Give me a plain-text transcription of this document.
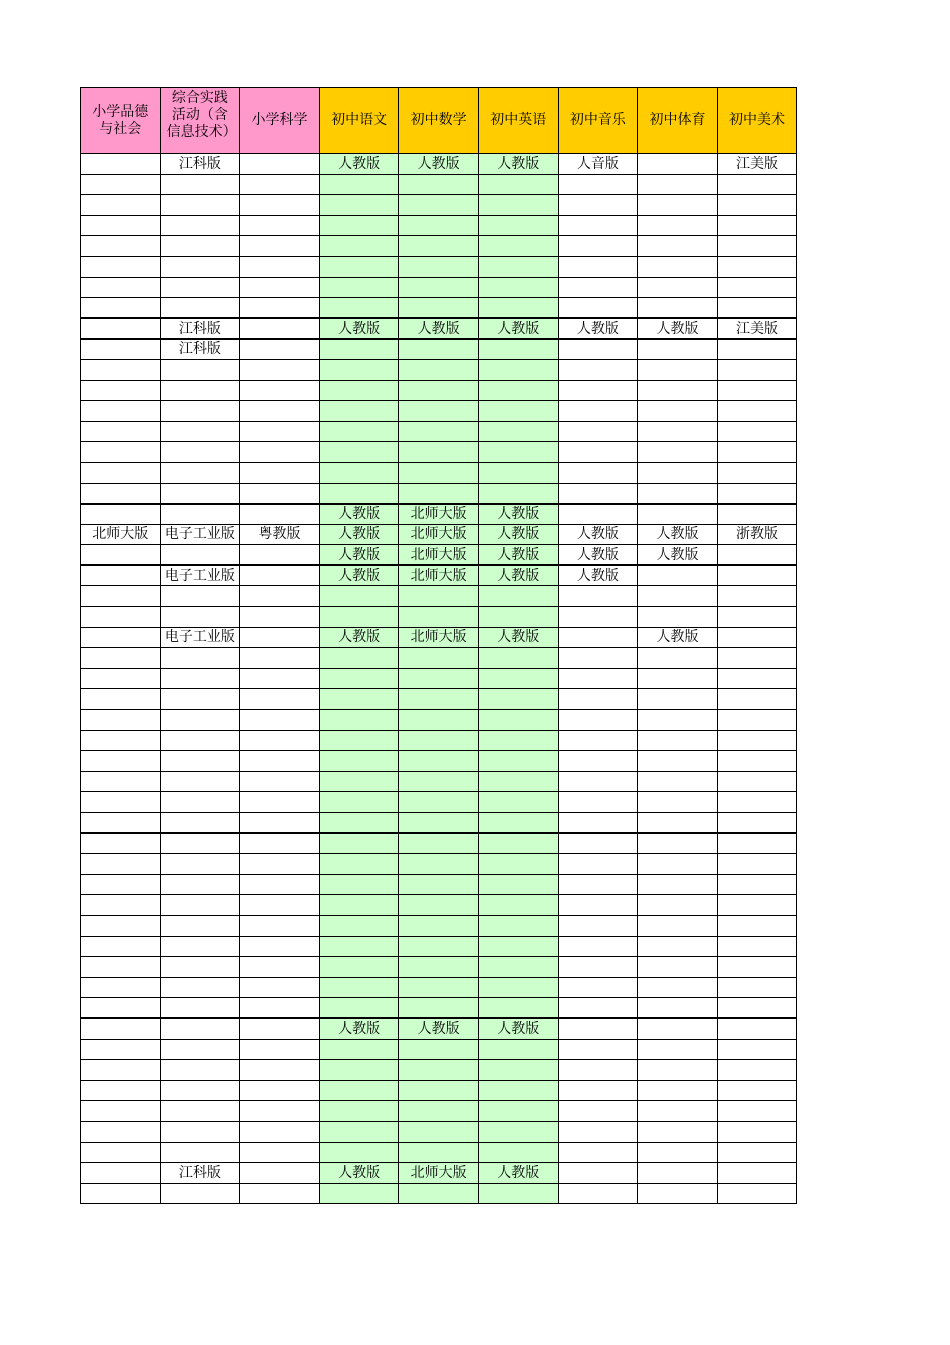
小学品德与社会	综合实践活动（含信息技术）	小学科学	初中语文	初中数学	初中英语	初中音乐	初中体育	初中美术
	江科版		人教版	人教版	人教版	人音版		江美版

	江科版		人教版	人教版	人教版	人教版	人教版	江美版
	江科版							

			人教版	北师大版	人教版			
北师大版	电子工业版	粤教版	人教版	北师大版	人教版	人教版	人教版	浙教版
			人教版	北师大版	人教版	人教版	人教版	
	电子工业版		人教版	北师大版	人教版	人教版		

	电子工业版		人教版	北师大版	人教版		人教版	

			人教版	人教版	人教版			

	江科版		人教版	北师大版	人教版			
